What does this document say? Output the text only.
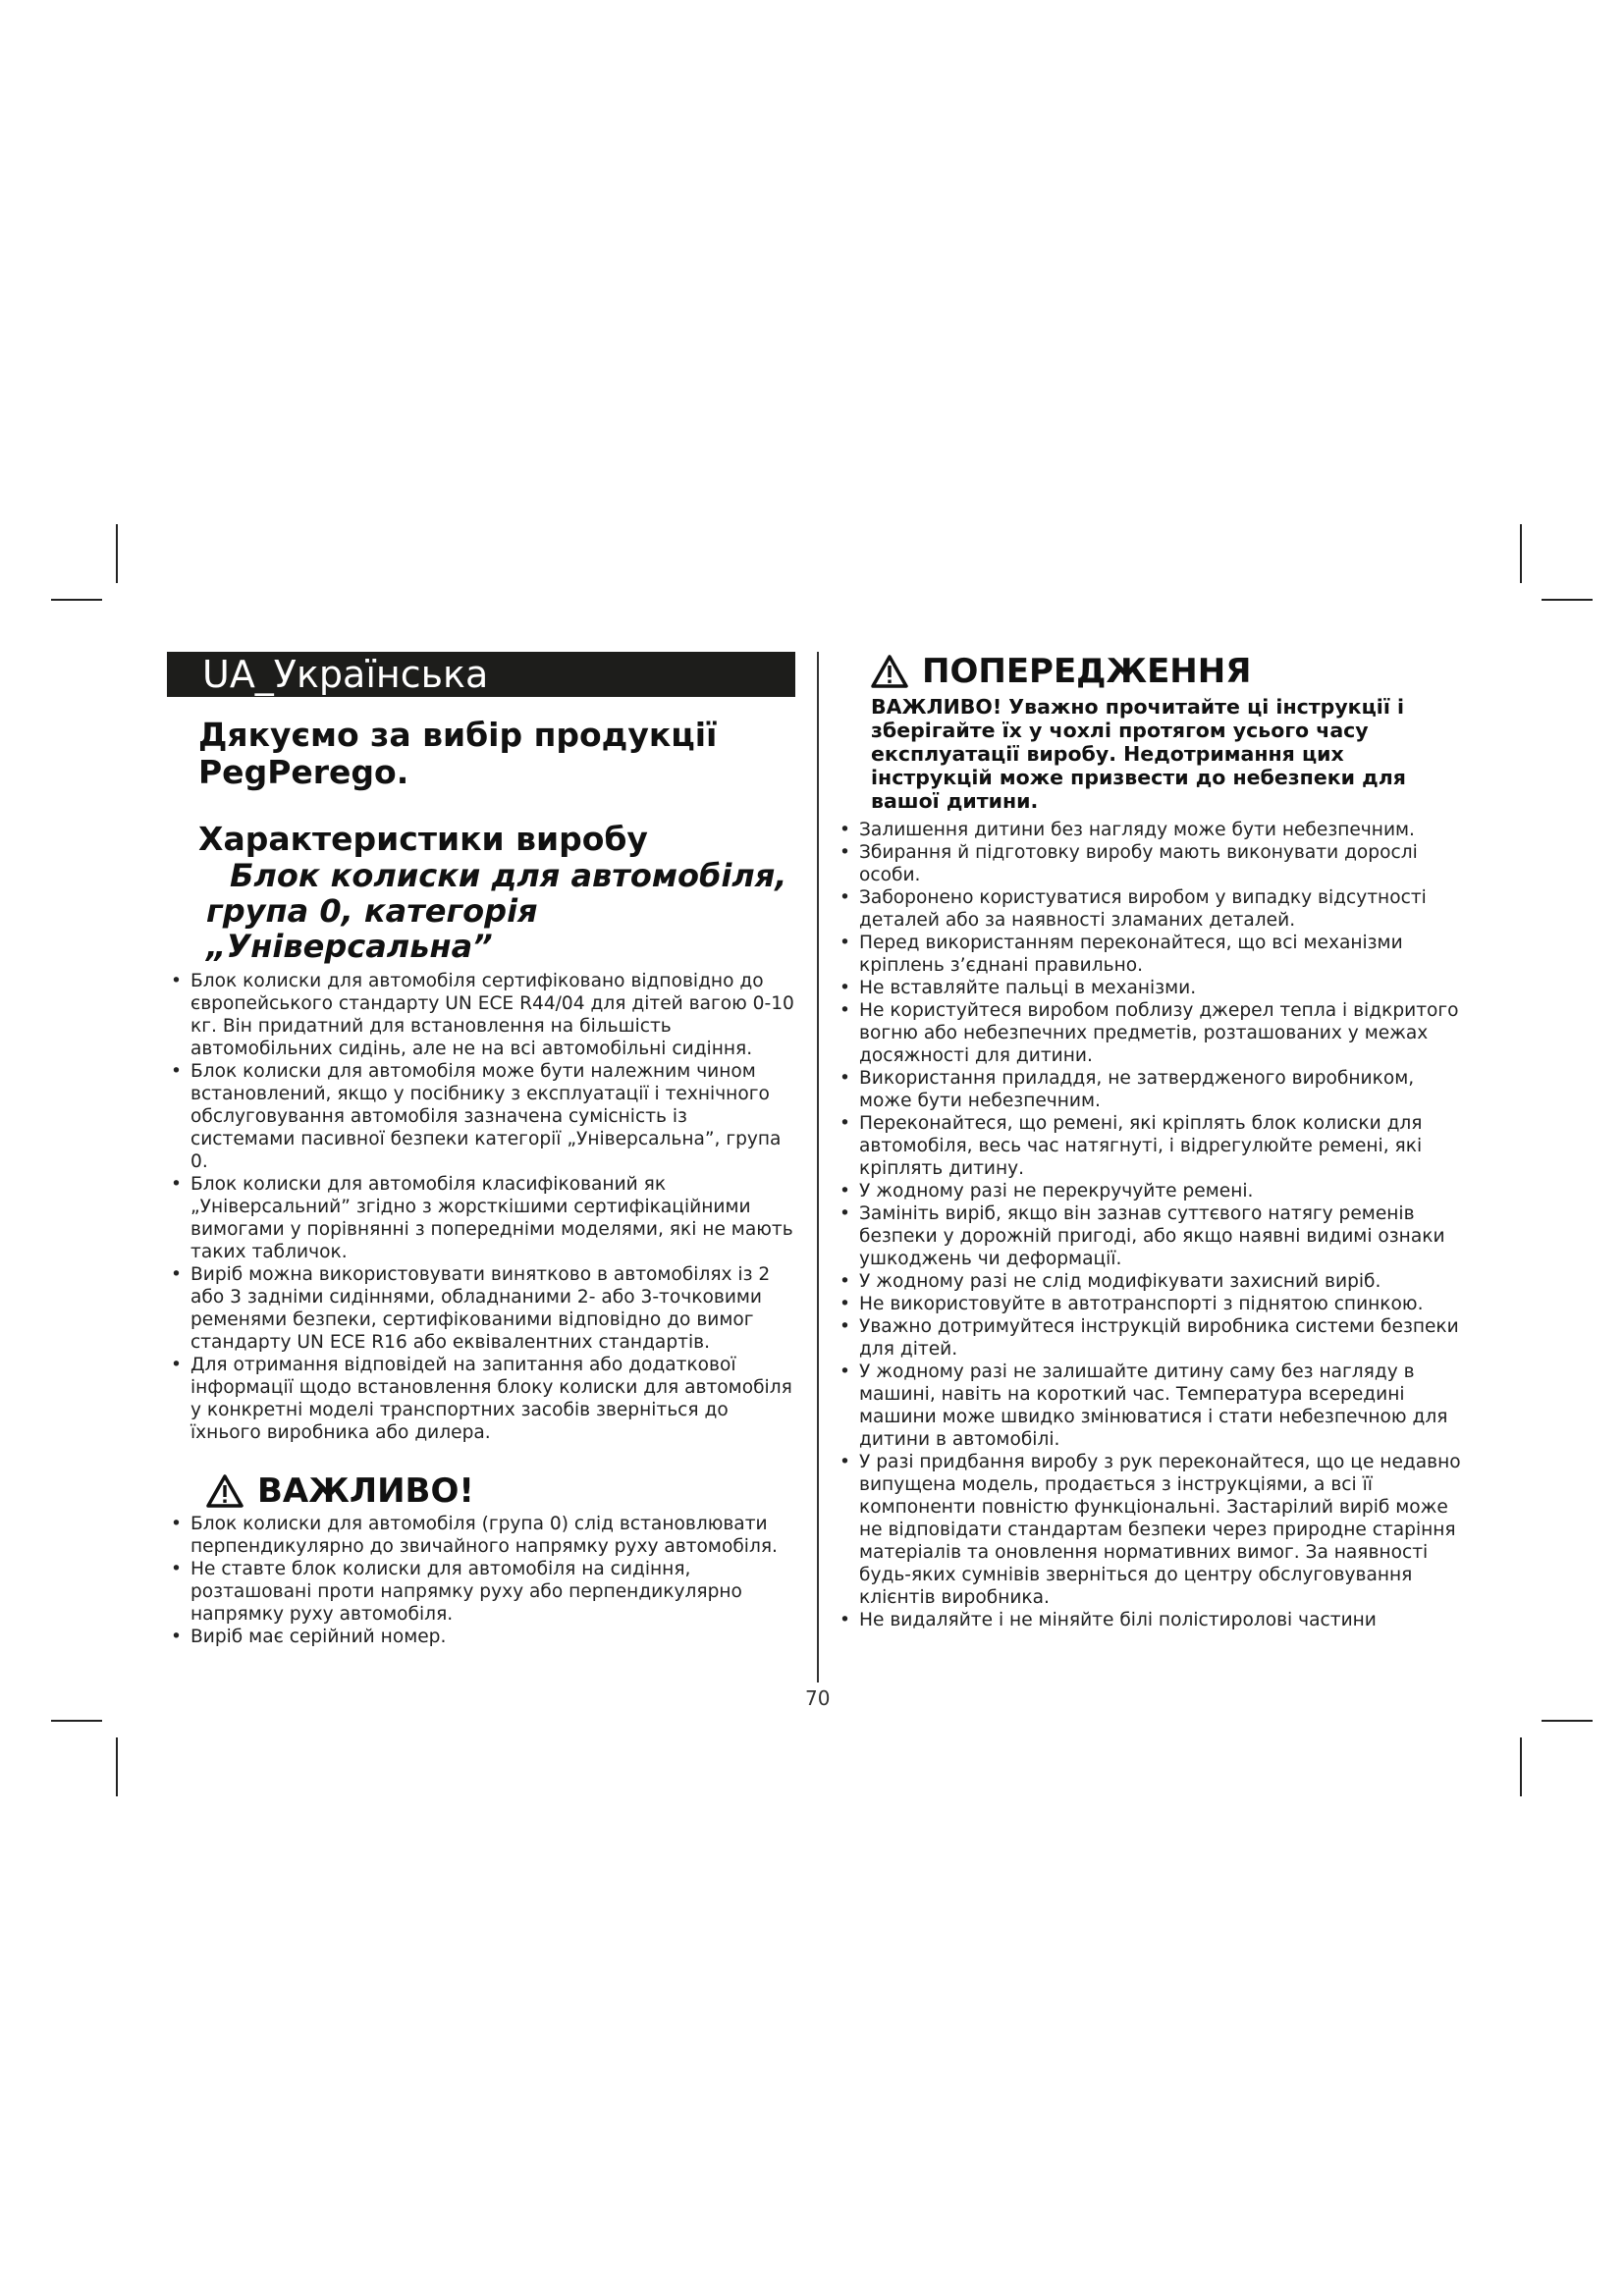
UA_Українська
Дякуємо за вибір продукції PegPerego.
Характеристики виробу
Блок колиски для автомобіля,
група 0, категорія „Універсальна”
• Блок колиски для автомобіля сертифіковано відповідно до європейського стандарту UN ECE R44/04 для дітей вагою 0-10 кг. Він придатний для встановлення на більшість автомобільних сидінь, але не на всі автомобільні сидіння.
• Блок колиски для автомобіля може бути належним чином встановлений, якщо у посібнику з експлуатації і технічного обслуговування автомобіля зазначена сумісність із системами пасивної безпеки категорії „Універсальна”, група 0.
• Блок колиски для автомобіля класифікований як „Універсальний” згідно з жорсткішими сертифікаційними вимогами у порівнянні з попередніми моделями, які не мають таких табличок.
• Виріб можна використовувати винятково в автомобілях із 2 або 3 задніми сидіннями, обладнаними 2- або 3-точковими ременями безпеки, сертифікованими відповідно до вимог стандарту UN ECE R16 або еквівалентних стандартів.
• Для отримання відповідей на запитання або додаткової інформації щодо встановлення блоку колиски для автомобіля у конкретні моделі транспортних засобів зверніться до їхнього виробника або дилера.
ВАЖЛИВО!
• Блок колиски для автомобіля (група 0) слід встановлювати перпендикулярно до звичайного напрямку руху автомобіля.
• Не ставте блок колиски для автомобіля на сидіння, розташовані проти напрямку руху або перпендикулярно напрямку руху автомобіля.
• Виріб має серійний номер.
ПОПЕРЕДЖЕННЯ
ВАЖЛИВО! Уважно прочитайте ці інструкції і зберігайте їх у чохлі протягом усього часу експлуатації виробу. Недотримання цих інструкцій може призвести до небезпеки для вашої дитини.
• Залишення дитини без нагляду може бути небезпечним.
• Збирання й підготовку виробу мають виконувати дорослі особи.
• Заборонено користуватися виробом у випадку відсутності деталей або за наявності зламаних деталей.
• Перед використанням переконайтеся, що всі механізми кріплень з’єднані правильно.
• Не вставляйте пальці в механізми.
• Не користуйтеся виробом поблизу джерел тепла і відкритого вогню або небезпечних предметів, розташованих у межах досяжності для дитини.
• Використання приладдя, не затвердженого виробником, може бути небезпечним.
• Переконайтеся, що ремені, які кріплять блок колиски для автомобіля, весь час натягнуті, і відрегулюйте ремені, які кріплять дитину.
• У жодному разі не перекручуйте ремені.
• Замініть виріб, якщо він зазнав суттєвого натягу ременів безпеки у дорожній пригоді, або якщо наявні видимі ознаки ушкоджень чи деформації.
• У жодному разі не слід модифікувати захисний виріб.
• Не використовуйте в автотранспорті з піднятою спинкою.
• Уважно дотримуйтеся інструкцій виробника системи безпеки для дітей.
• У жодному разі не залишайте дитину саму без нагляду в машині, навіть на короткий час. Температура всередині машини може швидко змінюватися і стати небезпечною для дитини в автомобілі.
• У разі придбання виробу з рук переконайтеся, що це недавно випущена модель, продається з інструкціями, а всі її компоненти повністю функціональні. Застарілий виріб може не відповідати стандартам безпеки через природне старіння матеріалів та оновлення нормативних вимог. За наявності будь-яких сумнівів зверніться до центру обслуговування клієнтів виробника.
• Не видаляйте і не міняйте білі полістиролові частини
70
